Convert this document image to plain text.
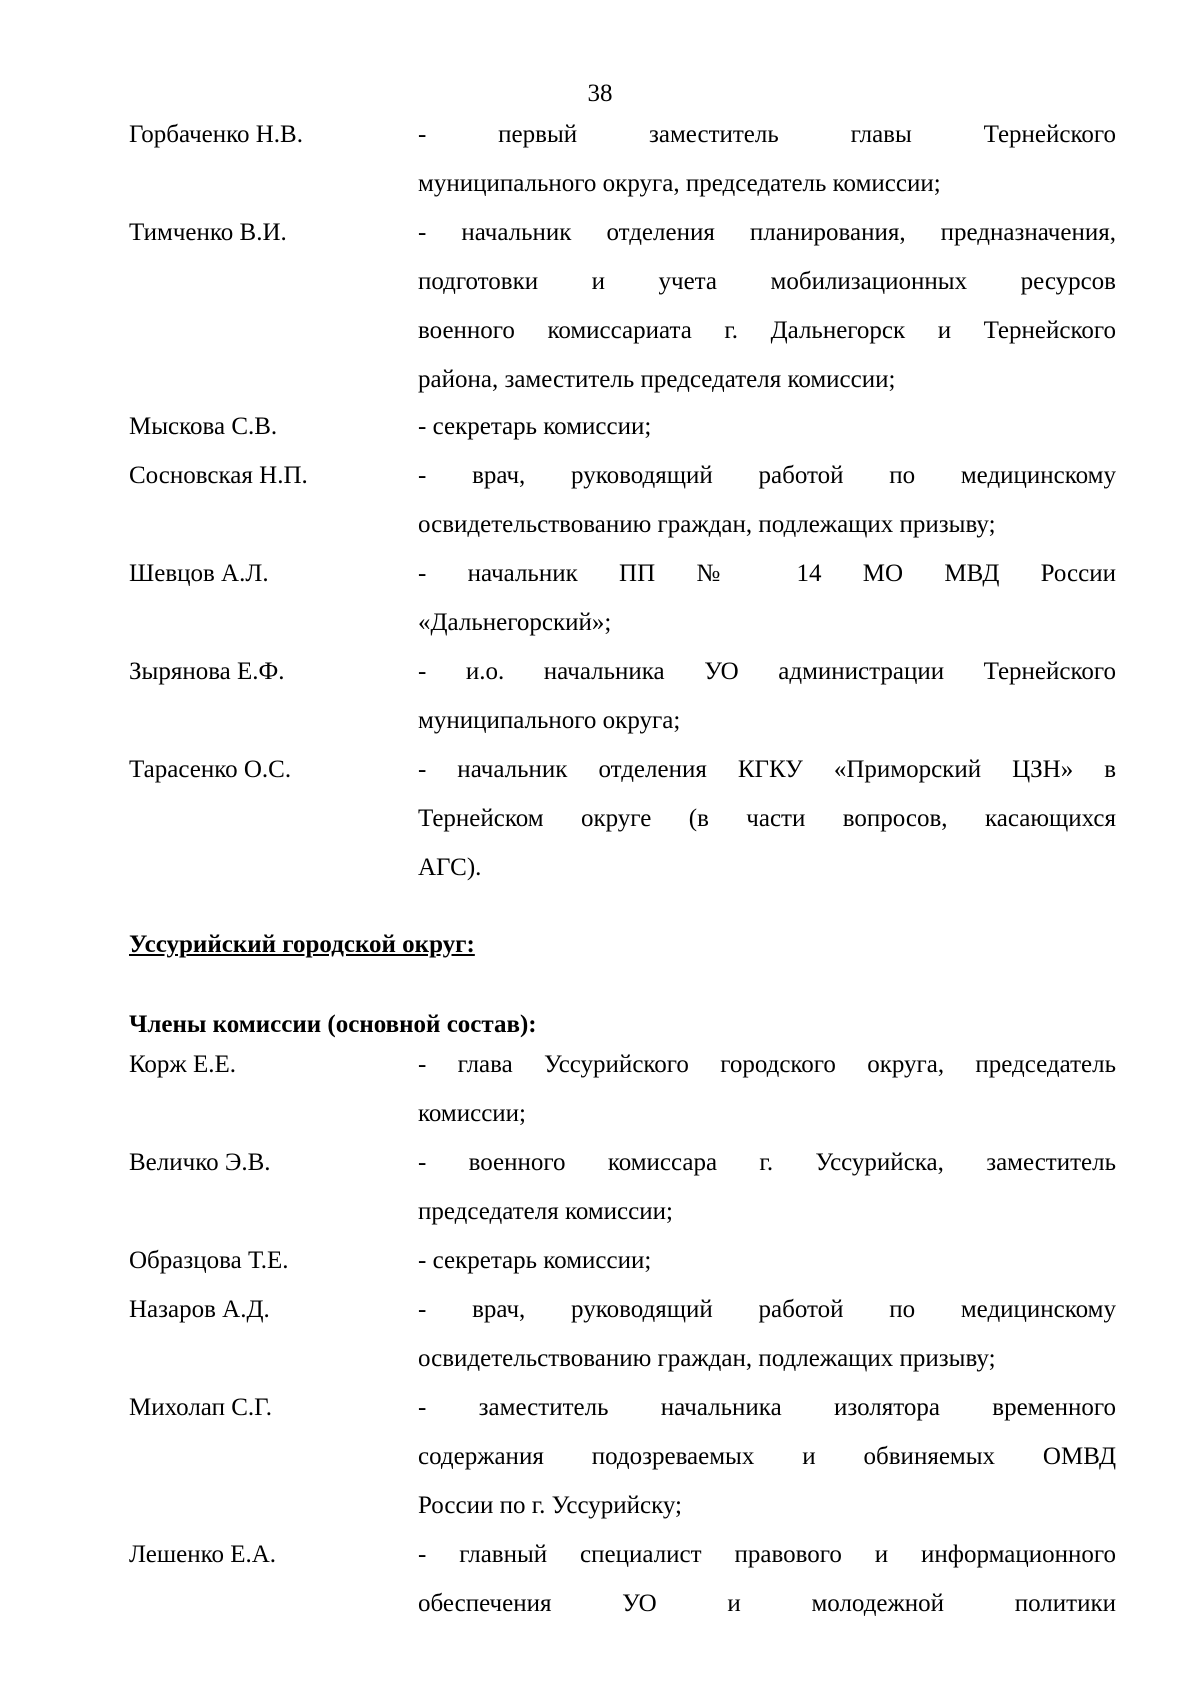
38
Горбаченко Н.В.	- первый заместитель главы Тернейского
муниципального округа, председатель комиссии;
Тимченко В.И.	- начальник отделения планирования, предназначения,
подготовки и учета мобилизационных ресурсов
военного комиссариата г. Дальнегорск и Тернейского
района, заместитель председателя комиссии;
Мыскова С.В.	- секретарь комиссии;
Сосновская Н.П.	- врач, руководящий работой по медицинскому
освидетельствованию граждан, подлежащих призыву;
Шевцов А.Л.	- начальник ПП № 14 МО МВД России
«Дальнегорский»;
Зырянова Е.Ф.	- и.о. начальника УО администрации Тернейского
муниципального округа;
Тарасенко О.С.	- начальник отделения КГКУ «Приморский ЦЗН» в
Тернейском округе (в части вопросов, касающихся
АГС).
Уссурийский городской округ:
Члены комиссии (основной состав):
Корж Е.Е.	- глава Уссурийского городского округа, председатель
комиссии;
Величко Э.В.	- военного комиссара г. Уссурийска, заместитель
председателя комиссии;
Образцова Т.Е.	- секретарь комиссии;
Назаров А.Д.	- врач, руководящий работой по медицинскому
освидетельствованию граждан, подлежащих призыву;
Михолап С.Г.	- заместитель начальника изолятора временного
содержания подозреваемых и обвиняемых ОМВД
России по г. Уссурийску;
Лешенко Е.А.	- главный специалист правового и информационного
обеспечения УО и молодежной политики
